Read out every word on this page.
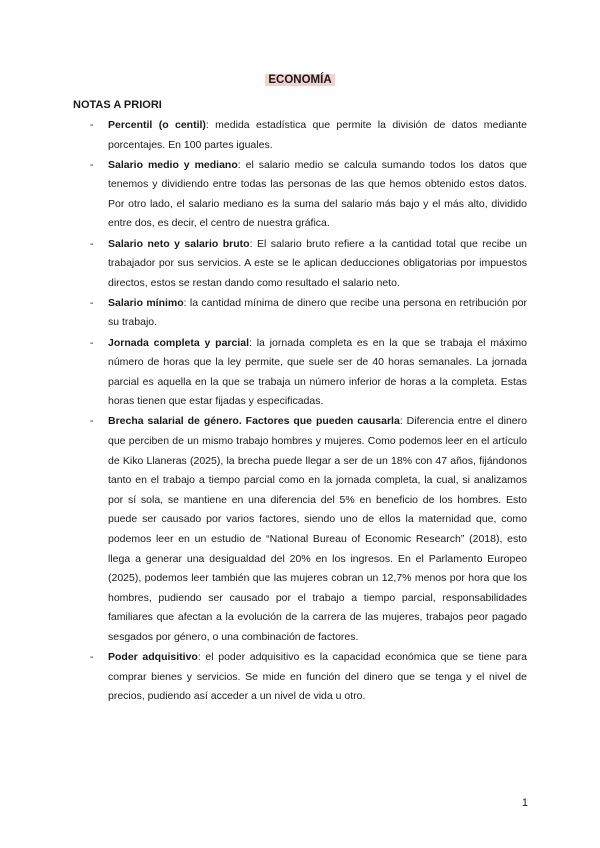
ECONOMÍA
NOTAS A PRIORI
- Percentil (o centil): medida estadística que permite la división de datos mediante porcentajes. En 100 partes iguales.
- Salario medio y mediano: el salario medio se calcula sumando todos los datos que tenemos y dividiendo entre todas las personas de las que hemos obtenido estos datos. Por otro lado, el salario mediano es la suma del salario más bajo y el más alto, dividido entre dos, es decir, el centro de nuestra gráfica.
- Salario neto y salario bruto: El salario bruto refiere a la cantidad total que recibe un trabajador por sus servicios. A este se le aplican deducciones obligatorias por impuestos directos, estos se restan dando como resultado el salario neto.
- Salario mínimo: la cantidad mínima de dinero que recibe una persona en retribución por su trabajo.
- Jornada completa y parcial: la jornada completa es en la que se trabaja el máximo número de horas que la ley permite, que suele ser de 40 horas semanales. La jornada parcial es aquella en la que se trabaja un número inferior de horas a la completa. Estas horas tienen que estar fijadas y especificadas.
- Brecha salarial de género. Factores que pueden causarla: Diferencia entre el dinero que perciben de un mismo trabajo hombres y mujeres. Como podemos leer en el artículo de Kiko Llaneras (2025), la brecha puede llegar a ser de un 18% con 47 años, fijándonos tanto en el trabajo a tiempo parcial como en la jornada completa, la cual, si analizamos por sí sola, se mantiene en una diferencia del 5% en beneficio de los hombres. Esto puede ser causado por varios factores, siendo uno de ellos la maternidad que, como podemos leer en un estudio de “National Bureau of Economic Research” (2018), esto llega a generar una desigualdad del 20% en los ingresos. En el Parlamento Europeo (2025), podemos leer también que las mujeres cobran un 12,7% menos por hora que los hombres, pudiendo ser causado por el trabajo a tiempo parcial, responsabilidades familiares que afectan a la evolución de la carrera de las mujeres, trabajos peor pagado sesgados por género, o una combinación de factores.
- Poder adquisitivo: el poder adquisitivo es la capacidad económica que se tiene para comprar bienes y servicios. Se mide en función del dinero que se tenga y el nivel de precios, pudiendo así acceder a un nivel de vida u otro.
1
